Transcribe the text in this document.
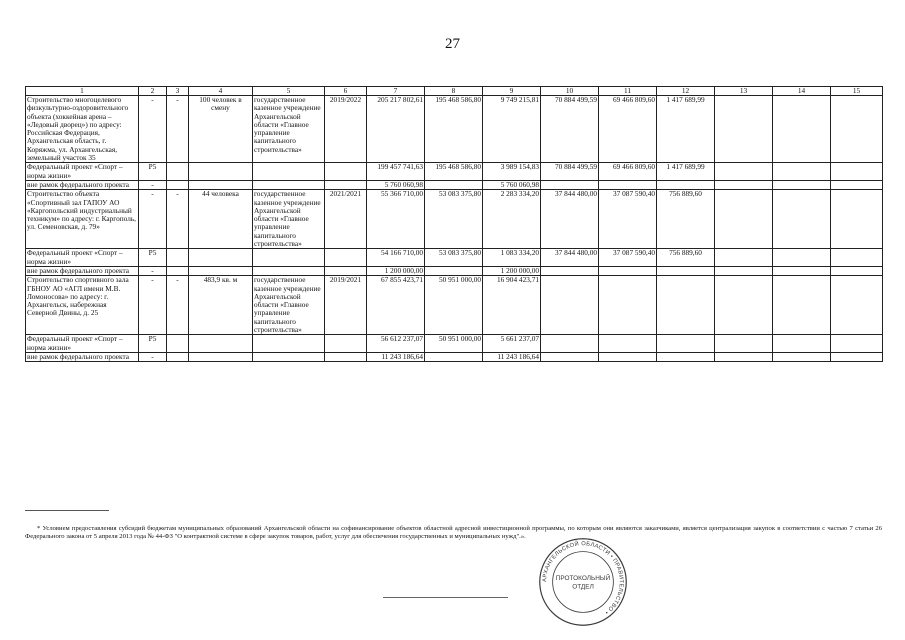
27
1	2	3	4	5	6	7	8	9	10	11	12	13	14	15
Строительство многоцелевого физкультурно-оздоровительного объекта (хоккейная арена – «Ледовый дворец») по адресу: Российская Федерация, Архангельская область, г. Коряжма, ул. Архангельская, земельный участок 35	-	-	100 человек в смену	государственное казенное учреждение Архангельской области «Главное управление капитального строительства»	2019/2022	205 217 802,61	195 468 586,80	9 749 215,81	70 884 499,59	69 466 809,60	1 417 689,99			
Федеральный проект «Спорт – норма жизни»	Р5					199 457 741,63	195 468 586,80	3 989 154,83	70 884 499,59	69 466 809,60	1 417 689,99			
вне рамок федерального проекта	-					5 760 060,98		5 760 060,98						
Строительство объекта «Спортивный зал ГАПОУ АО «Каргопольский индустриальный техникум» по адресу: г. Каргополь, ул. Семеновская, д. 79»	-	-	44 человека	государственное казенное учреждение Архангельской области «Главное управление капитального строительства»	2021/2021	55 366 710,00	53 083 375,80	2 283 334,20	37 844 480,00	37 087 590,40	756 889,60			
Федеральный проект «Спорт – норма жизни»	Р5					54 166 710,00	53 083 375,80	1 083 334,20	37 844 480,00	37 087 590,40	756 889,60			
вне рамок федерального проекта	-					1 200 000,00		1 200 000,00						
Строительство спортивного зала ГБНОУ АО «АГЛ имени М.В. Ломоносова» по адресу: г. Архангельск, набережная Северной Двины, д. 25	-	-	483,9 кв. м	государственное казенное учреждение Архангельской области «Главное управление капитального строительства»	2019/2021	67 855 423,71	50 951 000,00	16 904 423,71						
Федеральный проект «Спорт – норма жизни»	Р5					56 612 237,07	50 951 000,00	5 661 237,07						
вне рамок федерального проекта	-					11 243 186,64		11 243 186,64						

* Условием предоставления субсидий бюджетам муниципальных образований Архангельской области на софинансирование объектов областной адресной инвестиционной программы, по которым они являются заказчиками, является централизация закупок в соответствии с частью 7 статьи 26 Федерального закона от 5 апреля 2013 года № 44-ФЗ "О контрактной системе в сфере закупок товаров, работ, услуг для обеспечения государственных и муниципальных нужд".».

АРХАНГЕЛЬСКОЙ ОБЛАСТИ • ПРАВИТЕЛЬСТВО •
ПРОТОКОЛЬНЫЙ ОТДЕЛ
